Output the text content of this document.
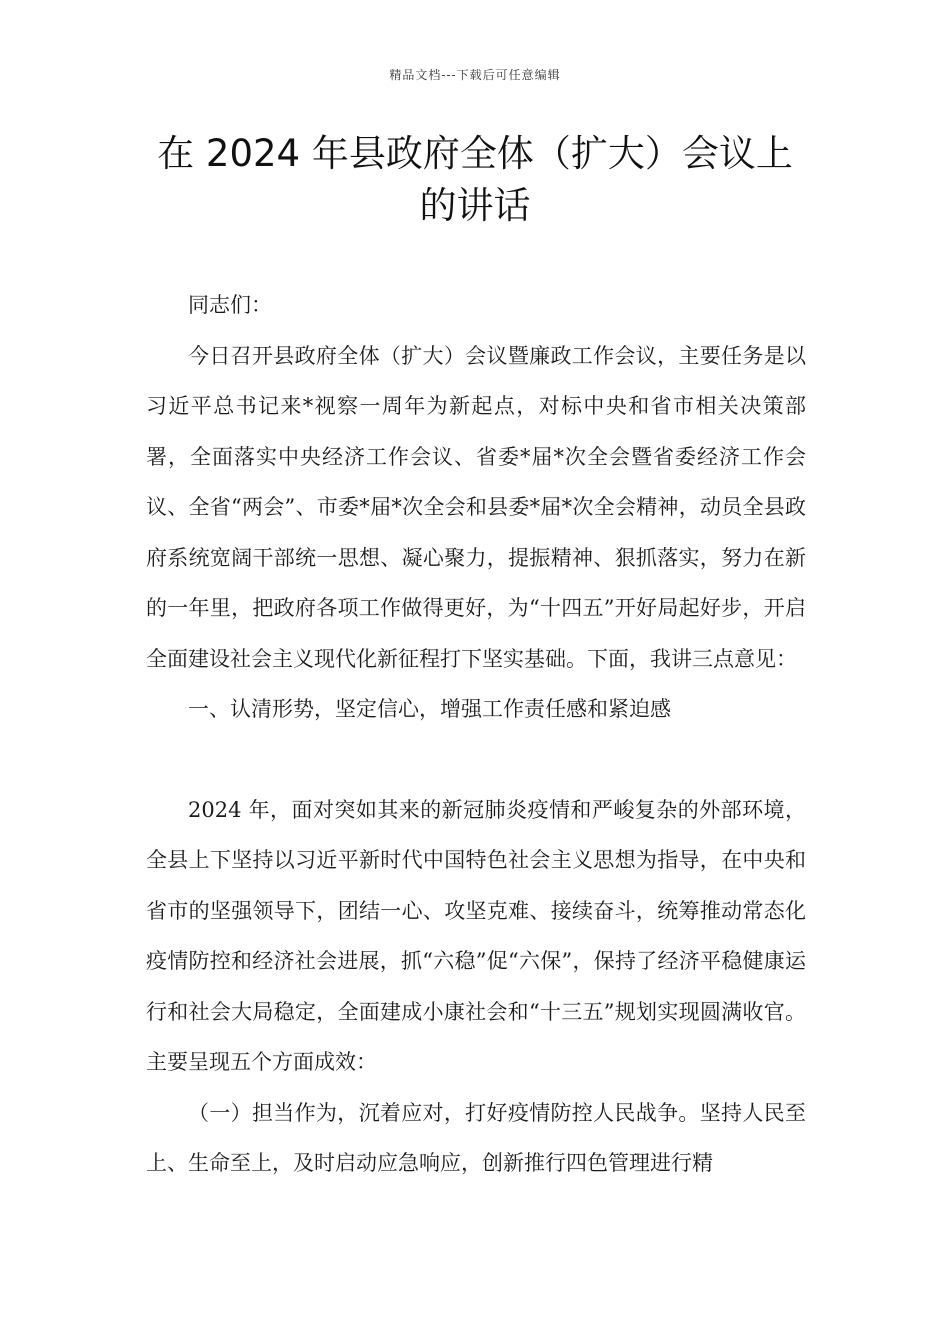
精品文档---下载后可任意编辑
在 2024 年县政府全体（扩大）会议上
的讲话

同志们：

今日召开县政府全体（扩大）会议暨廉政工作会议，主要任务是以习近平总书记来*视察一周年为新起点，对标中央和省市相关决策部署，全面落实中央经济工作会议、省委*届*次全会暨省委经济工作会议、全省“两会”、市委*届*次全会和县委*届*次全会精神，动员全县政府系统宽阔干部统一思想、凝心聚力，提振精神、狠抓落实，努力在新的一年里，把政府各项工作做得更好，为“十四五”开好局起好步，开启全面建设社会主义现代化新征程打下坚实基础。下面，我讲三点意见：

一、认清形势，坚定信心，增强工作责任感和紧迫感

2024 年，面对突如其来的新冠肺炎疫情和严峻复杂的外部环境，全县上下坚持以习近平新时代中国特色社会主义思想为指导，在中央和省市的坚强领导下，团结一心、攻坚克难、接续奋斗，统筹推动常态化疫情防控和经济社会进展，抓“六稳”促“六保”，保持了经济平稳健康运行和社会大局稳定，全面建成小康社会和“十三五”规划实现圆满收官。主要呈现五个方面成效：

（一）担当作为，沉着应对，打好疫情防控人民战争。坚持人民至上、生命至上，及时启动应急响应，创新推行四色管理进行精
